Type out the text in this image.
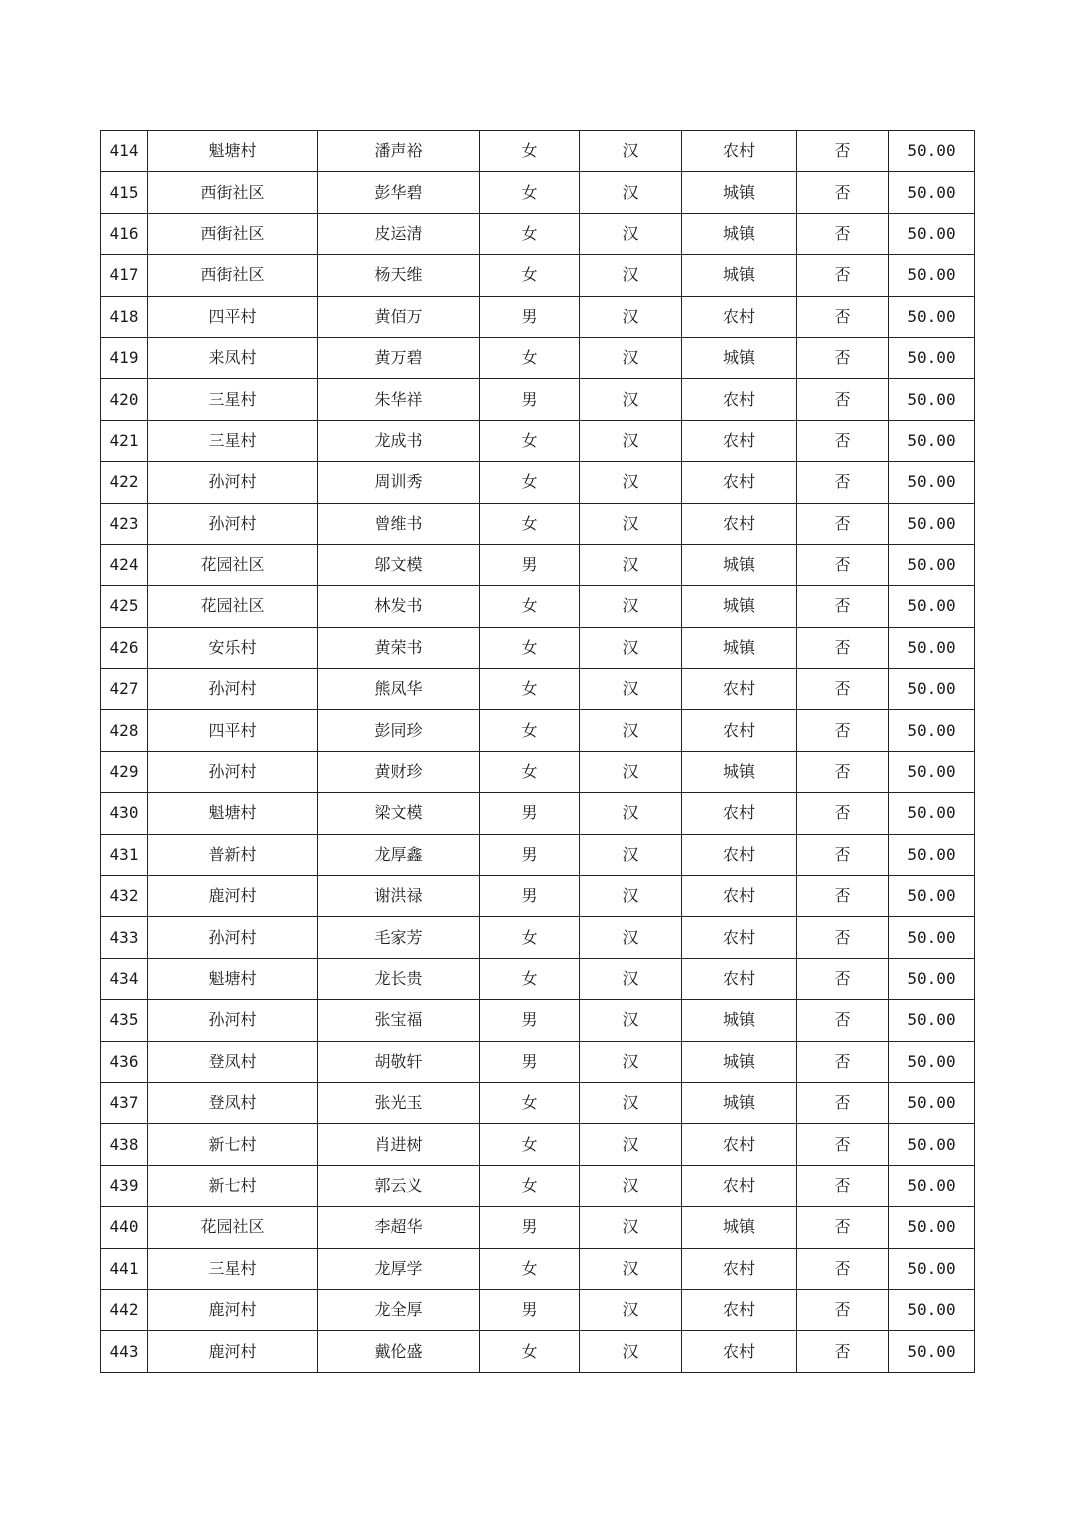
414	魁塘村	潘声裕	女	汉	农村	否	50.00
415	西街社区	彭华碧	女	汉	城镇	否	50.00
416	西街社区	皮运清	女	汉	城镇	否	50.00
417	西街社区	杨天维	女	汉	城镇	否	50.00
418	四平村	黄佰万	男	汉	农村	否	50.00
419	来凤村	黄万碧	女	汉	城镇	否	50.00
420	三星村	朱华祥	男	汉	农村	否	50.00
421	三星村	龙成书	女	汉	农村	否	50.00
422	孙河村	周训秀	女	汉	农村	否	50.00
423	孙河村	曾维书	女	汉	农村	否	50.00
424	花园社区	邬文模	男	汉	城镇	否	50.00
425	花园社区	林发书	女	汉	城镇	否	50.00
426	安乐村	黄荣书	女	汉	城镇	否	50.00
427	孙河村	熊凤华	女	汉	农村	否	50.00
428	四平村	彭同珍	女	汉	农村	否	50.00
429	孙河村	黄财珍	女	汉	城镇	否	50.00
430	魁塘村	梁文模	男	汉	农村	否	50.00
431	普新村	龙厚鑫	男	汉	农村	否	50.00
432	鹿河村	谢洪禄	男	汉	农村	否	50.00
433	孙河村	毛家芳	女	汉	农村	否	50.00
434	魁塘村	龙长贵	女	汉	农村	否	50.00
435	孙河村	张宝福	男	汉	城镇	否	50.00
436	登凤村	胡敬轩	男	汉	城镇	否	50.00
437	登凤村	张光玉	女	汉	城镇	否	50.00
438	新七村	肖进树	女	汉	农村	否	50.00
439	新七村	郭云义	女	汉	农村	否	50.00
440	花园社区	李超华	男	汉	城镇	否	50.00
441	三星村	龙厚学	女	汉	农村	否	50.00
442	鹿河村	龙全厚	男	汉	农村	否	50.00
443	鹿河村	戴伦盛	女	汉	农村	否	50.00
